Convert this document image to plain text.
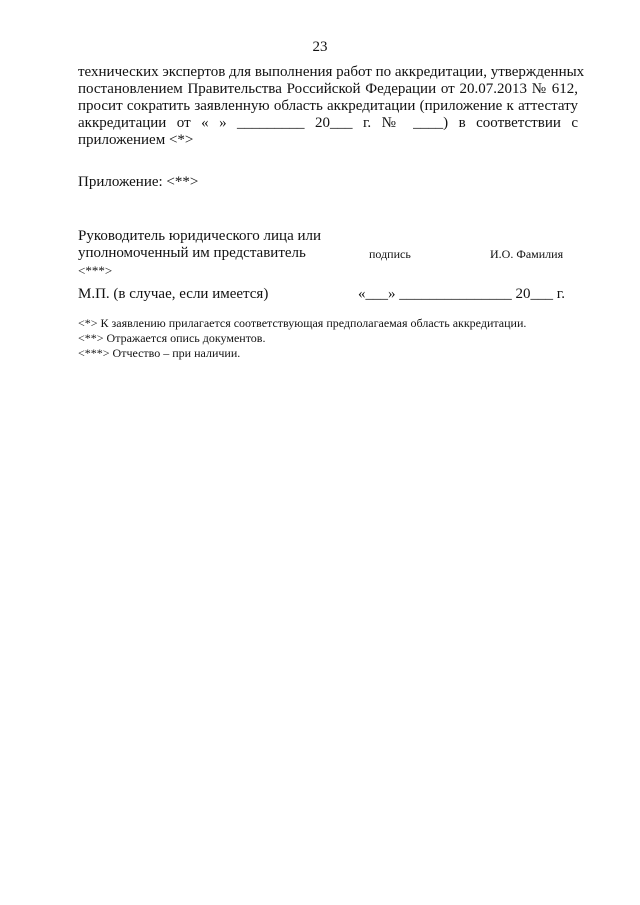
23
технических экспертов для выполнения работ по аккредитации, утвержденных
постановлением Правительства Российской Федерации от 20.07.2013 № 612,
просит сократить заявленную область аккредитации (приложение к аттестату
аккредитации от « » _________ 20___ г. № ____) в соответствии с
приложением <*>
Приложение: <**>
Руководитель юридического лица или
уполномоченный им представитель
<***>
подпись	И.О. Фамилия
М.П. (в случае, если имеется)	«___» _______________ 20___ г.
<*> К заявлению прилагается соответствующая предполагаемая область аккредитации.
<**> Отражается опись документов.
<***> Отчество – при наличии.
